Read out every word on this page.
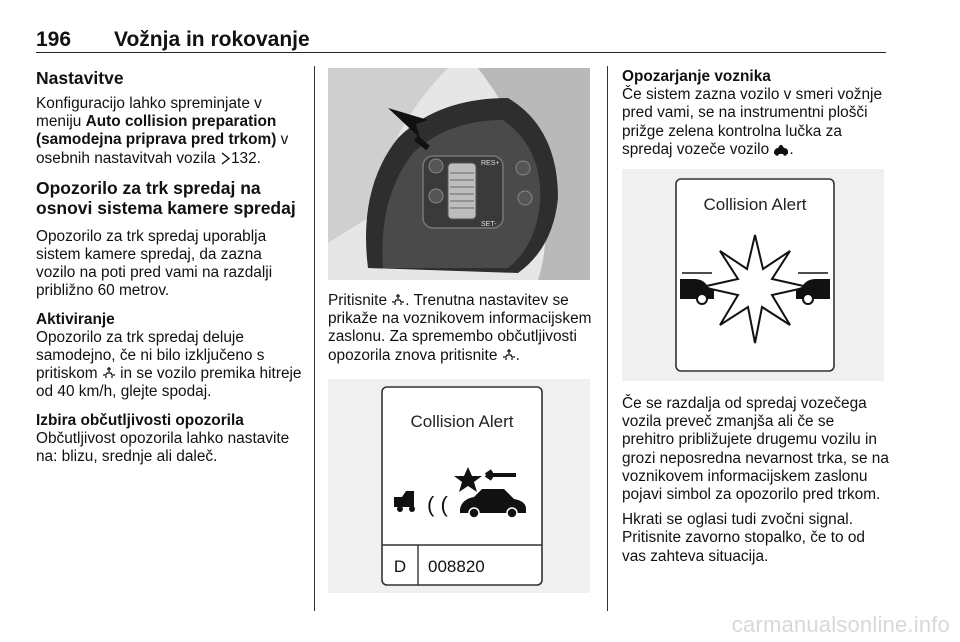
196 Vožnja in rokovanje
Nastavitve

Konfiguracijo lahko spreminjate v meniju Auto collision preparation (samodejna priprava pred trkom) v osebnih nastavitvah vozila 132.

Opozorilo za trk spredaj na osnovi sistema kamere spredaj

Opozorilo za trk spredaj uporablja sistem kamere spredaj, da zazna vozilo na poti pred vami na razdalji približno 60 metrov.

Aktiviranje

Opozorilo za trk spredaj deluje samodejno, če ni bilo izključeno s pritiskom  in se vozilo premika hitreje od 40 km/h, glejte spodaj.

Izbira občutljivosti opozorila

Občutljivost opozorila lahko nastavite na: blizu, srednje ali daleč.

RES+
SET-

Pritisnite . Trenutna nastavitev se prikaže na voznikovem informacijskem zaslonu. Za spremembo občutljivosti opozorila znova pritisnite .

Collision Alert
( (
D 008820
Opozarjanje voznika

Če sistem zazna vozilo v smeri vožnje pred vami, se na instrumentni plošči prižge zelena kontrolna lučka za spredaj vozeče vozilo .

Collision Alert

Če se razdalja od spredaj vozečega vozila preveč zmanjša ali če se prehitro približujete drugemu vozilu in grozi neposredna nevarnost trka, se na voznikovem informacijskem zaslonu pojavi simbol za opozorilo pred trkom.

Hkrati se oglasi tudi zvočni signal. Pritisnite zavorno stopalko, če to od vas zahteva situacija.

carmanualsonline.info
